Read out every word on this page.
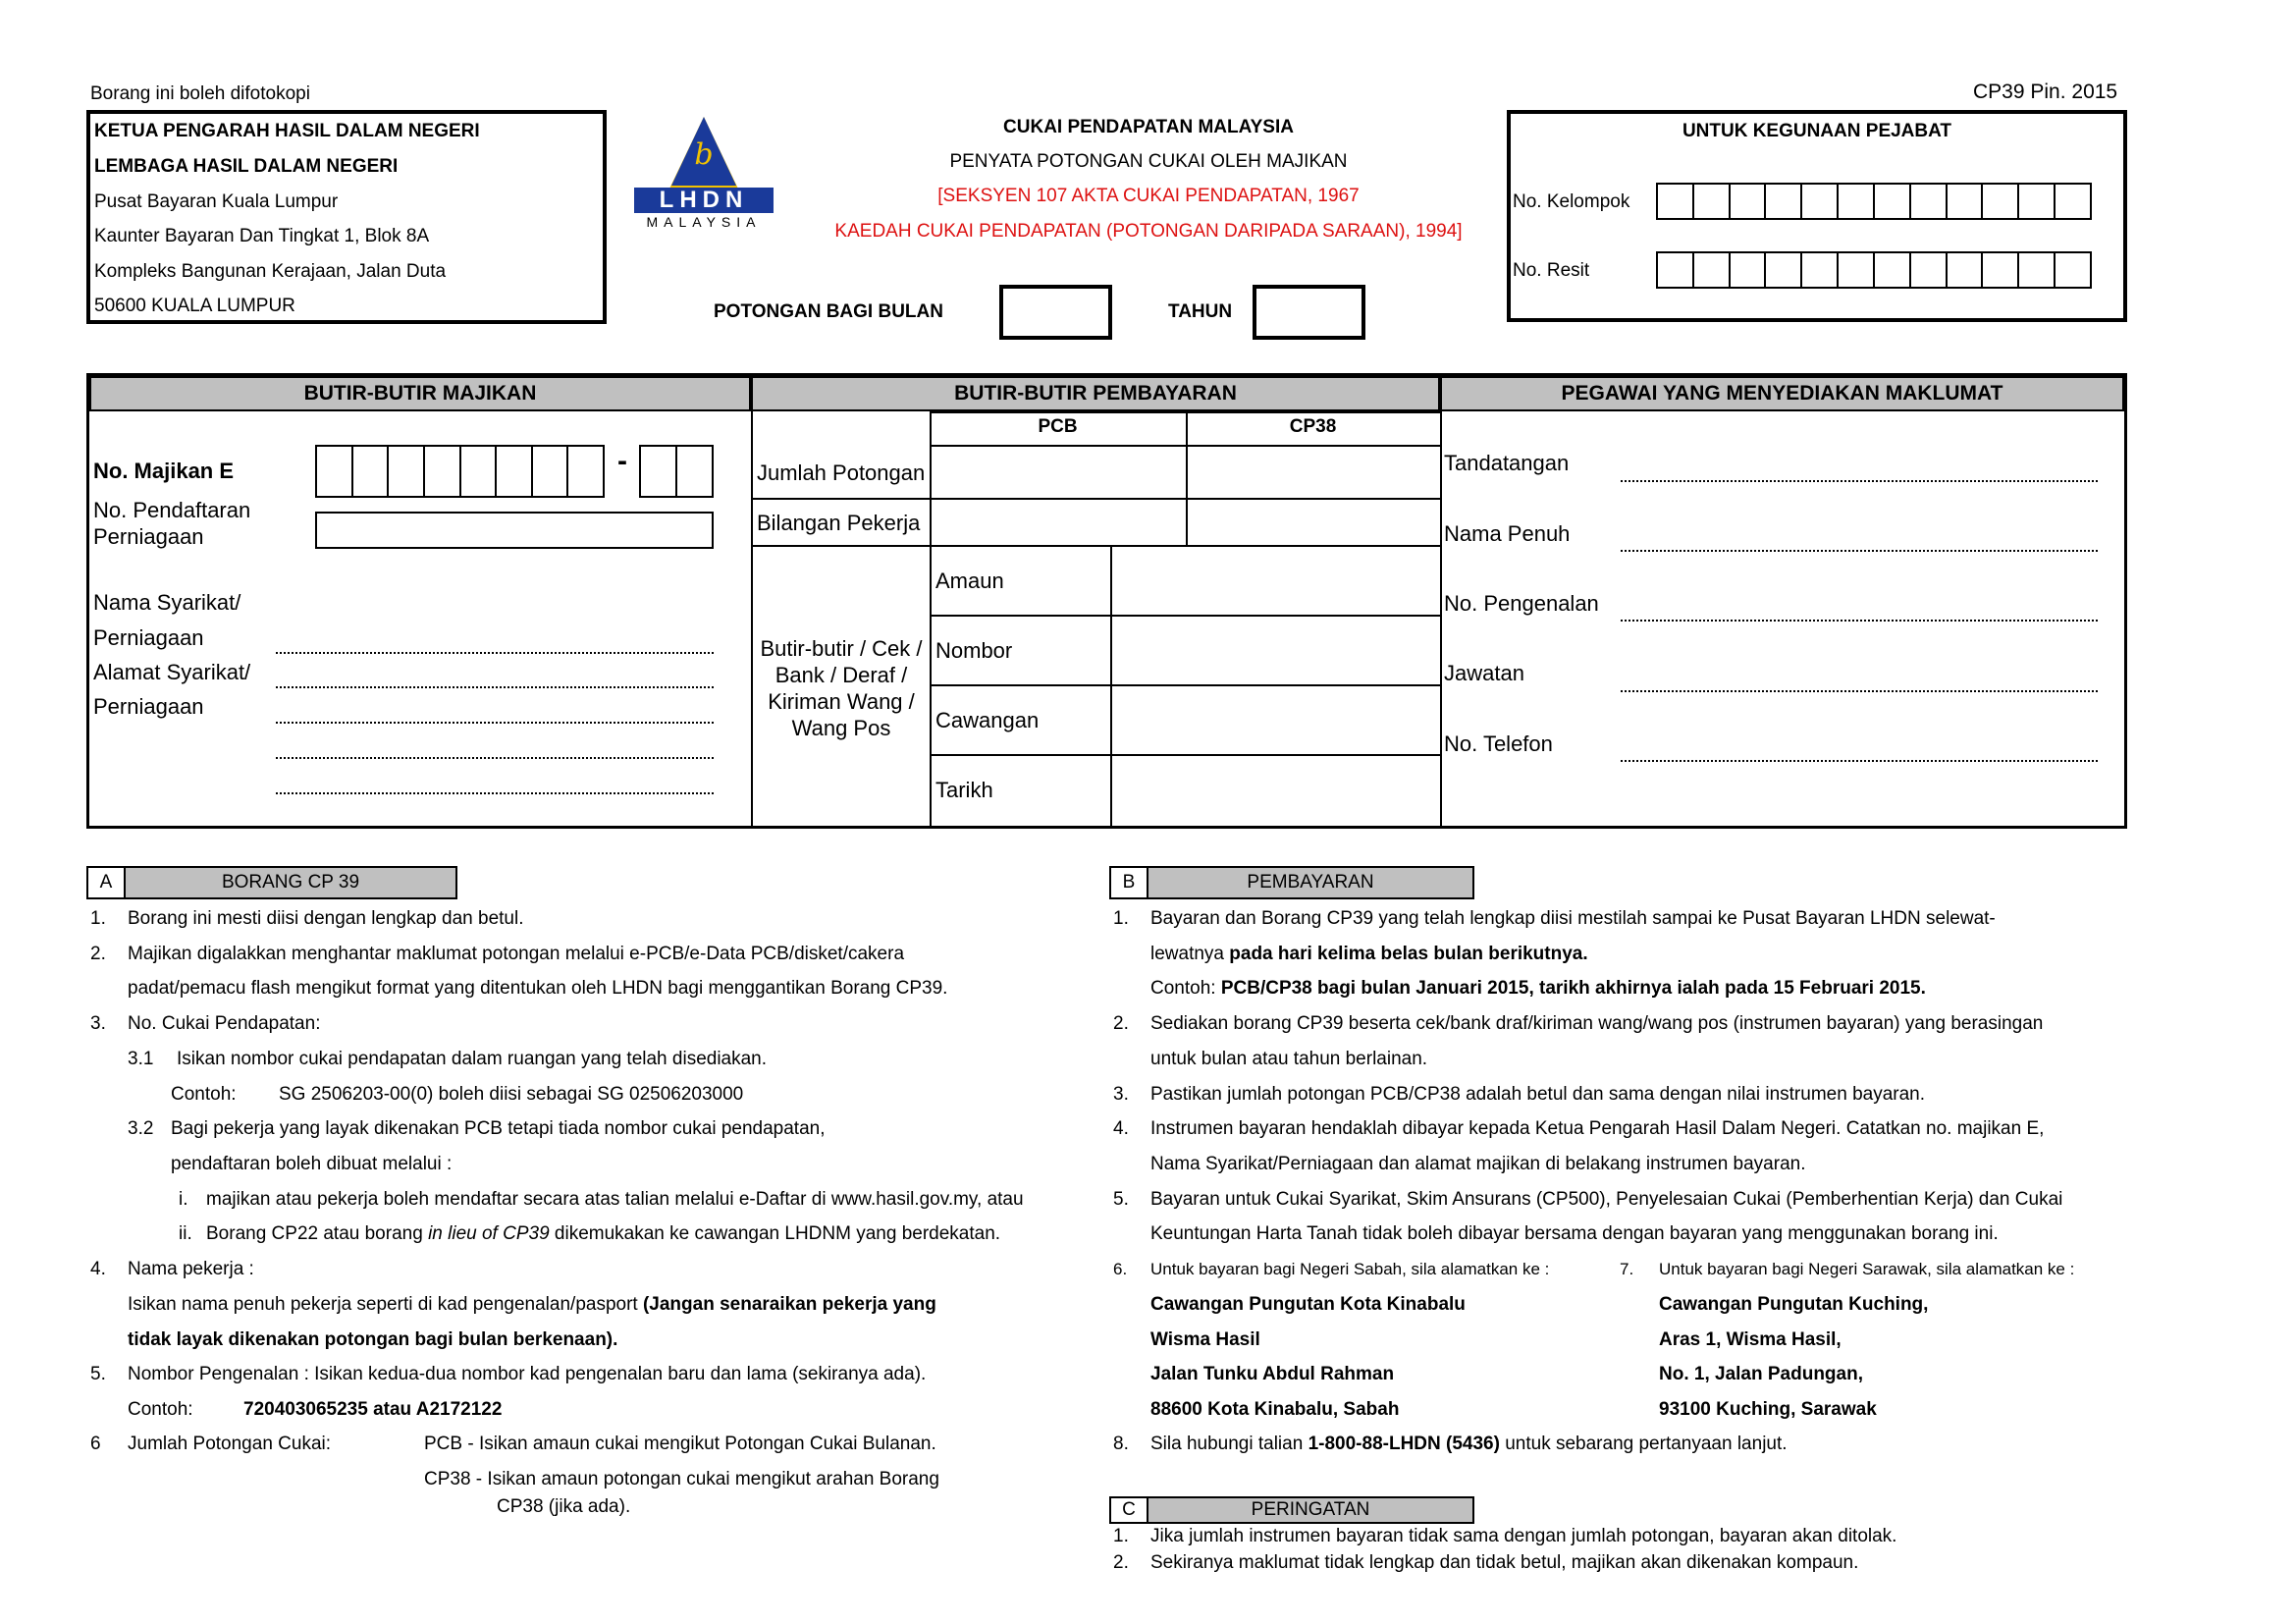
Borang ini boleh difotokopi	CP39 Pin. 2015
KETUA PENGARAH HASIL DALAM NEGERI
LEMBAGA HASIL DALAM NEGERI
Pusat Bayaran Kuala Lumpur
Kaunter Bayaran Dan Tingkat 1, Blok 8A
Kompleks Bangunan Kerajaan, Jalan Duta
50600 KUALA LUMPUR
b
LHDN
MALAYSIA
CUKAI PENDAPATAN MALAYSIA
PENYATA POTONGAN CUKAI OLEH MAJIKAN
[SEKSYEN 107 AKTA CUKAI PENDAPATAN, 1967
KAEDAH CUKAI PENDAPATAN (POTONGAN DARIPADA SARAAN), 1994]
POTONGAN BAGI BULAN	TAHUN
UNTUK KEGUNAAN PEJABAT
No. Kelompok
No. Resit
BUTIR-BUTIR MAJIKAN	BUTIR-BUTIR PEMBAYARAN	PEGAWAI YANG MENYEDIAKAN MAKLUMAT
No. Majikan E	-
No. Pendaftaran
Perniagaan
Nama Syarikat/
Perniagaan
Alamat Syarikat/
Perniagaan
PCB	CP38
Jumlah Potongan
Bilangan Pekerja
Butir-butir / Cek /
Bank / Deraf /
Kiriman Wang /
Wang Pos
Amaun
Nombor
Cawangan
Tarikh
Tandatangan
Nama Penuh
No. Pengenalan
Jawatan
No. Telefon
A	BORANG CP 39
1. Borang ini mesti diisi dengan lengkap dan betul.
2. Majikan digalakkan menghantar maklumat potongan melalui e-PCB/e-Data PCB/disket/cakera
padat/pemacu flash mengikut format yang ditentukan oleh LHDN bagi menggantikan Borang CP39.
3. No. Cukai Pendapatan:
3.1 Isikan nombor cukai pendapatan dalam ruangan yang telah disediakan.
Contoh: SG 2506203-00(0) boleh diisi sebagai SG 02506203000
3.2 Bagi pekerja yang layak dikenakan PCB tetapi tiada nombor cukai pendapatan,
pendaftaran boleh dibuat melalui :
i. majikan atau pekerja boleh mendaftar secara atas talian melalui e-Daftar di www.hasil.gov.my, atau
ii. Borang CP22 atau borang in lieu of CP39 dikemukakan ke cawangan LHDNM yang berdekatan.
4. Nama pekerja :
Isikan nama penuh pekerja seperti di kad pengenalan/pasport (Jangan senaraikan pekerja yang
tidak layak dikenakan potongan bagi bulan berkenaan).
5. Nombor Pengenalan : Isikan kedua-dua nombor kad pengenalan baru dan lama (sekiranya ada).
Contoh:	720403065235 atau A2172122
6 Jumlah Potongan Cukai:	PCB - Isikan amaun cukai mengikut Potongan Cukai Bulanan.
CP38 - Isikan amaun potongan cukai mengikut arahan Borang
CP38 (jika ada).
B	PEMBAYARAN
1. Bayaran dan Borang CP39 yang telah lengkap diisi mestilah sampai ke Pusat Bayaran LHDN selewat-
lewatnya pada hari kelima belas bulan berikutnya.
Contoh: PCB/CP38 bagi bulan Januari 2015, tarikh akhirnya ialah pada 15 Februari 2015.
2. Sediakan borang CP39 beserta cek/bank draf/kiriman wang/wang pos (instrumen bayaran) yang berasingan
untuk bulan atau tahun berlainan.
3. Pastikan jumlah potongan PCB/CP38 adalah betul dan sama dengan nilai instrumen bayaran.
4. Instrumen bayaran hendaklah dibayar kepada Ketua Pengarah Hasil Dalam Negeri. Catatkan no. majikan E,
Nama Syarikat/Perniagaan dan alamat majikan di belakang instrumen bayaran.
5. Bayaran untuk Cukai Syarikat, Skim Ansurans (CP500), Penyelesaian Cukai (Pemberhentian Kerja) dan Cukai
Keuntungan Harta Tanah tidak boleh dibayar bersama dengan bayaran yang menggunakan borang ini.
6. Untuk bayaran bagi Negeri Sabah, sila alamatkan ke :
Cawangan Pungutan Kota Kinabalu
Wisma Hasil
Jalan Tunku Abdul Rahman
88600 Kota Kinabalu, Sabah
7. Untuk bayaran bagi Negeri Sarawak, sila alamatkan ke :
Cawangan Pungutan Kuching,
Aras 1, Wisma Hasil,
No. 1, Jalan Padungan,
93100 Kuching, Sarawak
8. Sila hubungi talian 1-800-88-LHDN (5436) untuk sebarang pertanyaan lanjut.
C	PERINGATAN
1. Jika jumlah instrumen bayaran tidak sama dengan jumlah potongan, bayaran akan ditolak.
2. Sekiranya maklumat tidak lengkap dan tidak betul, majikan akan dikenakan kompaun.
